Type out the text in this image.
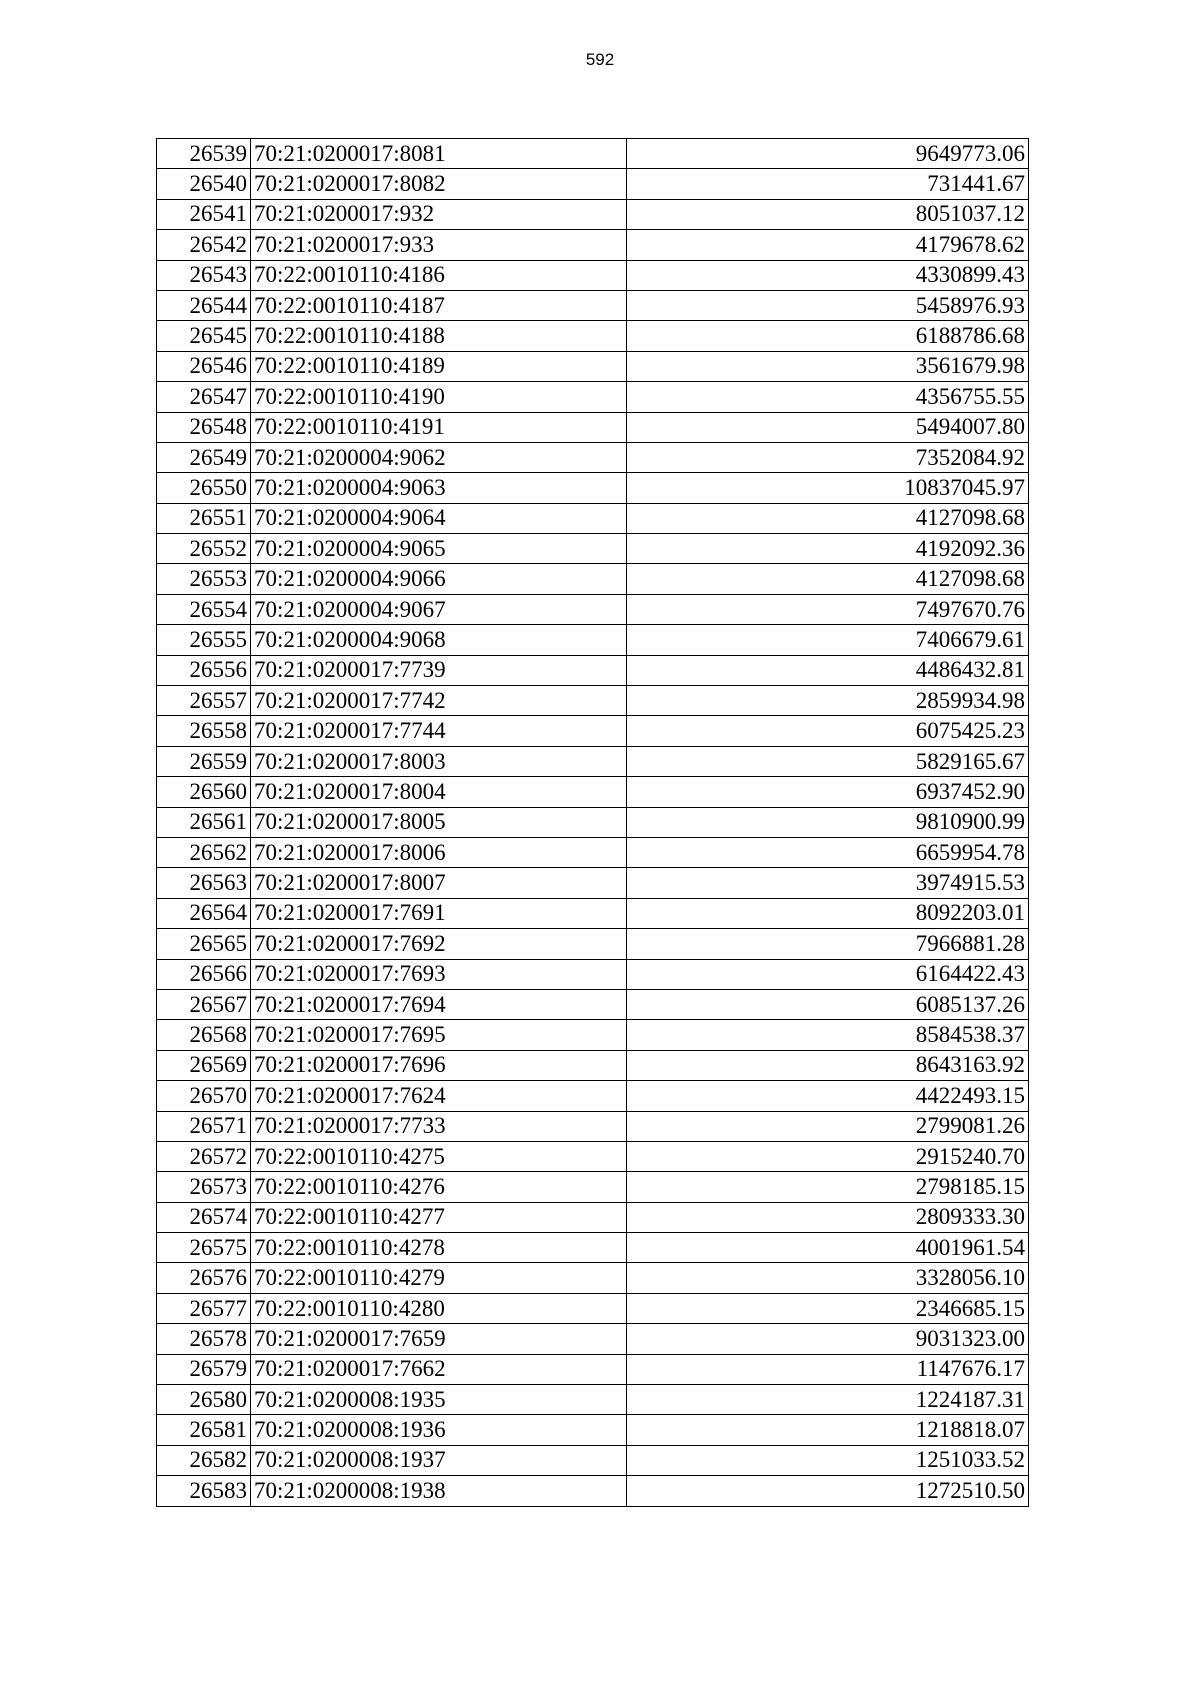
592
26539	70:21:0200017:8081	9649773.06
26540	70:21:0200017:8082	731441.67
26541	70:21:0200017:932	8051037.12
26542	70:21:0200017:933	4179678.62
26543	70:22:0010110:4186	4330899.43
26544	70:22:0010110:4187	5458976.93
26545	70:22:0010110:4188	6188786.68
26546	70:22:0010110:4189	3561679.98
26547	70:22:0010110:4190	4356755.55
26548	70:22:0010110:4191	5494007.80
26549	70:21:0200004:9062	7352084.92
26550	70:21:0200004:9063	10837045.97
26551	70:21:0200004:9064	4127098.68
26552	70:21:0200004:9065	4192092.36
26553	70:21:0200004:9066	4127098.68
26554	70:21:0200004:9067	7497670.76
26555	70:21:0200004:9068	7406679.61
26556	70:21:0200017:7739	4486432.81
26557	70:21:0200017:7742	2859934.98
26558	70:21:0200017:7744	6075425.23
26559	70:21:0200017:8003	5829165.67
26560	70:21:0200017:8004	6937452.90
26561	70:21:0200017:8005	9810900.99
26562	70:21:0200017:8006	6659954.78
26563	70:21:0200017:8007	3974915.53
26564	70:21:0200017:7691	8092203.01
26565	70:21:0200017:7692	7966881.28
26566	70:21:0200017:7693	6164422.43
26567	70:21:0200017:7694	6085137.26
26568	70:21:0200017:7695	8584538.37
26569	70:21:0200017:7696	8643163.92
26570	70:21:0200017:7624	4422493.15
26571	70:21:0200017:7733	2799081.26
26572	70:22:0010110:4275	2915240.70
26573	70:22:0010110:4276	2798185.15
26574	70:22:0010110:4277	2809333.30
26575	70:22:0010110:4278	4001961.54
26576	70:22:0010110:4279	3328056.10
26577	70:22:0010110:4280	2346685.15
26578	70:21:0200017:7659	9031323.00
26579	70:21:0200017:7662	1147676.17
26580	70:21:0200008:1935	1224187.31
26581	70:21:0200008:1936	1218818.07
26582	70:21:0200008:1937	1251033.52
26583	70:21:0200008:1938	1272510.50
